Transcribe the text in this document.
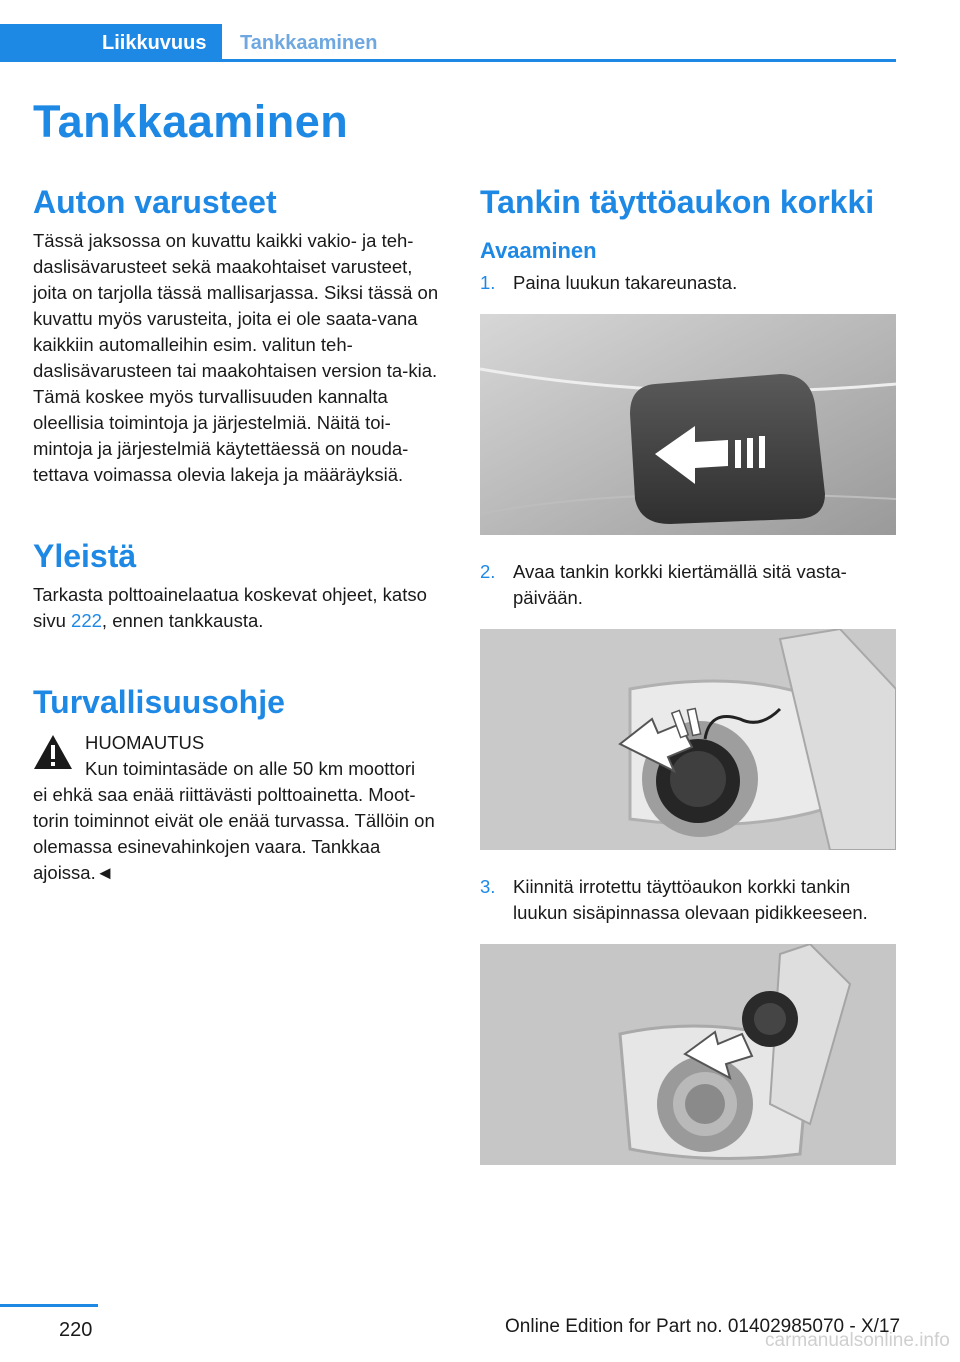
Liikkuvuus	Tankkaaminen
Tankkaaminen
Auton varusteet

Tässä jaksossa on kuvattu kaikki vakio- ja teh-daslisävarusteet sekä maakohtaiset varusteet, joita on tarjolla tässä mallisarjassa. Siksi tässä on kuvattu myös varusteita, joita ei ole saata-vana kaikkiin automalleihin esim. valitun teh-daslisävarusteen tai maakohtaisen version ta-kia. Tämä koskee myös turvallisuuden kannalta oleellisia toimintoja ja järjestelmiä. Näitä toi-mintoja ja järjestelmiä käytettäessä on nouda-tettava voimassa olevia lakeja ja määräyksiä.

Yleistä

Tarkasta polttoainelaatua koskevat ohjeet, katso sivu 222, ennen tankkausta.

Turvallisuusohje
HUOMAUTUS
Kun toimintasäde on alle 50 km moottori
ei ehkä saa enää riittävästi polttoainetta. Moot-torin toiminnot eivät ole enää turvassa. Tällöin on olemassa esinevahinkojen vaara. Tankkaa ajoissa.◄
Tankin täyttöaukon korkki
Avaaminen
1. Paina luukun takareunasta.
2. Avaa tankin korkki kiertämällä sitä vasta-päivään.
3. Kiinnitä irrotettu täyttöaukon korkki tankin luukun sisäpinnassa olevaan pidikkeeseen.
220	Online Edition for Part no. 01402985070 - X/17
carmanualsonline.info
